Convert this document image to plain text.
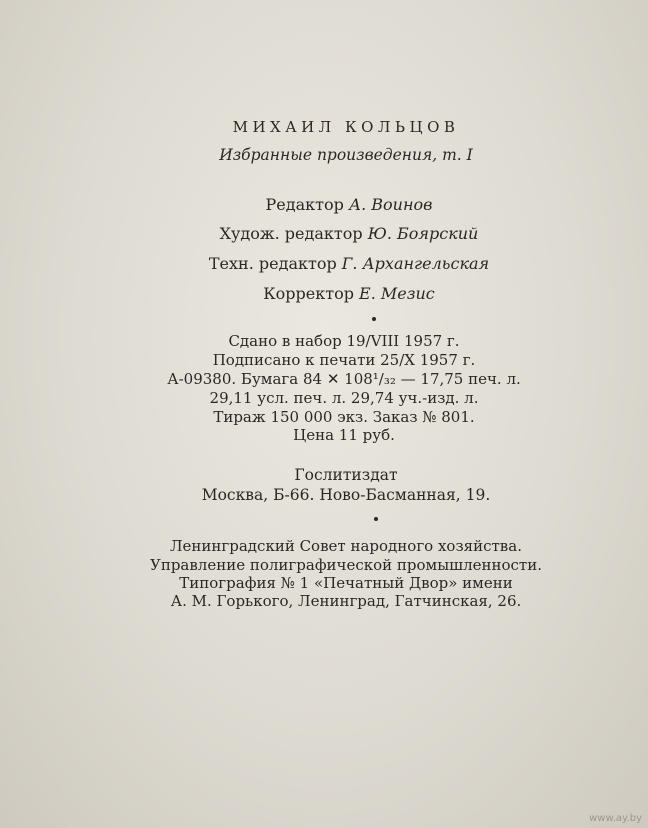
МИХАИЛ КОЛЬЦОВ
Избранные произведения, т. I
Редактор А. Воинов
Худож. редактор Ю. Боярский
Техн. редактор Г. Архангельская
Корректор Е. Мезис
Сдано в набор 19/VIII 1957 г.
Подписано к печати 25/X 1957 г.
А-09380. Бумага 84 ✕ 108¹/₃₂ — 17,75 печ. л.
29,11 усл. печ. л. 29,74 уч.-изд. л.
Тираж 150 000 экз. Заказ № 801.
Цена 11 руб.
Гослитиздат
Москва, Б-66. Ново-Басманная, 19.
Ленинградский Совет народного хозяйства.
Управление полиграфической промышленности.
Типография № 1 «Печатный Двор» имени
А. М. Горького, Ленинград, Гатчинская, 26.
www.ay.by
